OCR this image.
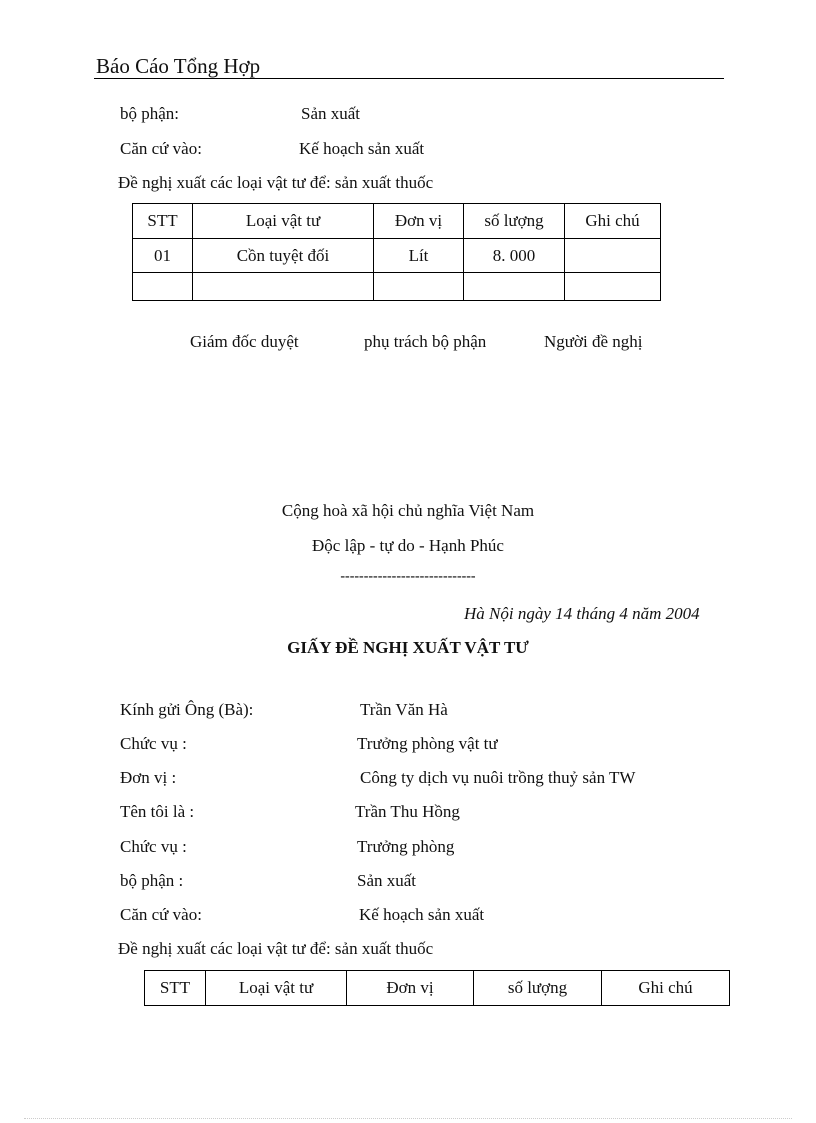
Báo Cáo Tổng Hợp
bộ phận:	Sản xuất
Căn cứ vào:	Kế hoạch sản xuất
Đề nghị xuất các loại vật tư để: sản xuất thuốc
STT	Loại vật tư	Đơn vị	số lượng	Ghi chú
01	Cồn tuyệt đối	Lít	8. 000	

Giám đốc duyệt	phụ trách bộ phận	Người đề nghị
Cộng hoà xã hội chủ nghĩa Việt Nam
Độc lập - tự do - Hạnh Phúc
-----------------------------
Hà Nội ngày 14 tháng 4 năm 2004
GIẤY ĐỀ NGHỊ XUẤT VẬT TƯ
Kính gửi Ông (Bà):	Trần Văn Hà
Chức vụ :	Trưởng phòng vật tư
Đơn vị :	Công ty dịch vụ nuôi trồng thuỷ sản TW
Tên tôi là :	Trần Thu Hồng
Chức vụ :	Trưởng phòng
bộ phận :	Sản xuất
Căn cứ vào:	Kế hoạch sản xuất
Đề nghị xuất các loại vật tư để: sản xuất thuốc
STT	Loại vật tư	Đơn vị	số lượng	Ghi chú
